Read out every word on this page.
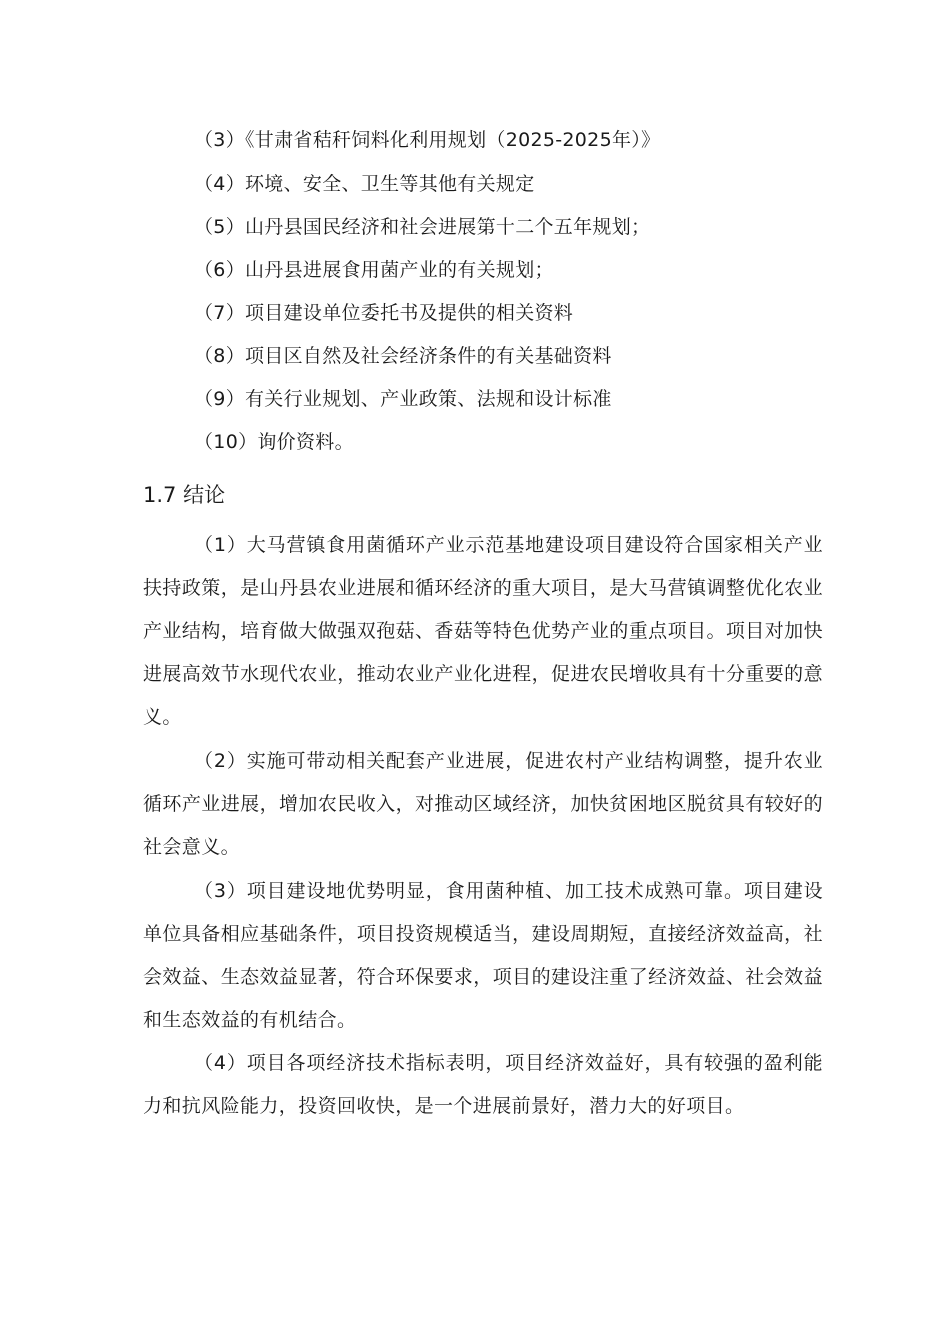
（3）《甘肃省秸秆饲料化利用规划（2025-2025年）》
（4）环境、安全、卫生等其他有关规定
（5）山丹县国民经济和社会进展第十二个五年规划；
（6）山丹县进展食用菌产业的有关规划；
（7）项目建设单位委托书及提供的相关资料
（8）项目区自然及社会经济条件的有关基础资料
（9）有关行业规划、产业政策、法规和设计标准
（10）询价资料。
1.7 结论

（1）大马营镇食用菌循环产业示范基地建设项目建设符合国家相关产业扶持政策，是山丹县农业进展和循环经济的重大项目，是大马营镇调整优化农业产业结构，培育做大做强双孢菇、香菇等特色优势产业的重点项目。项目对加快进展高效节水现代农业，推动农业产业化进程，促进农民增收具有十分重要的意义。

（2）实施可带动相关配套产业进展，促进农村产业结构调整，提升农业循环产业进展，增加农民收入，对推动区域经济，加快贫困地区脱贫具有较好的社会意义。

（3）项目建设地优势明显，食用菌种植、加工技术成熟可靠。项目建设单位具备相应基础条件，项目投资规模适当，建设周期短，直接经济效益高，社会效益、生态效益显著，符合环保要求，项目的建设注重了经济效益、社会效益和生态效益的有机结合。

（4）项目各项经济技术指标表明，项目经济效益好，具有较强的盈利能力和抗风险能力，投资回收快，是一个进展前景好，潜力大的好项目。
